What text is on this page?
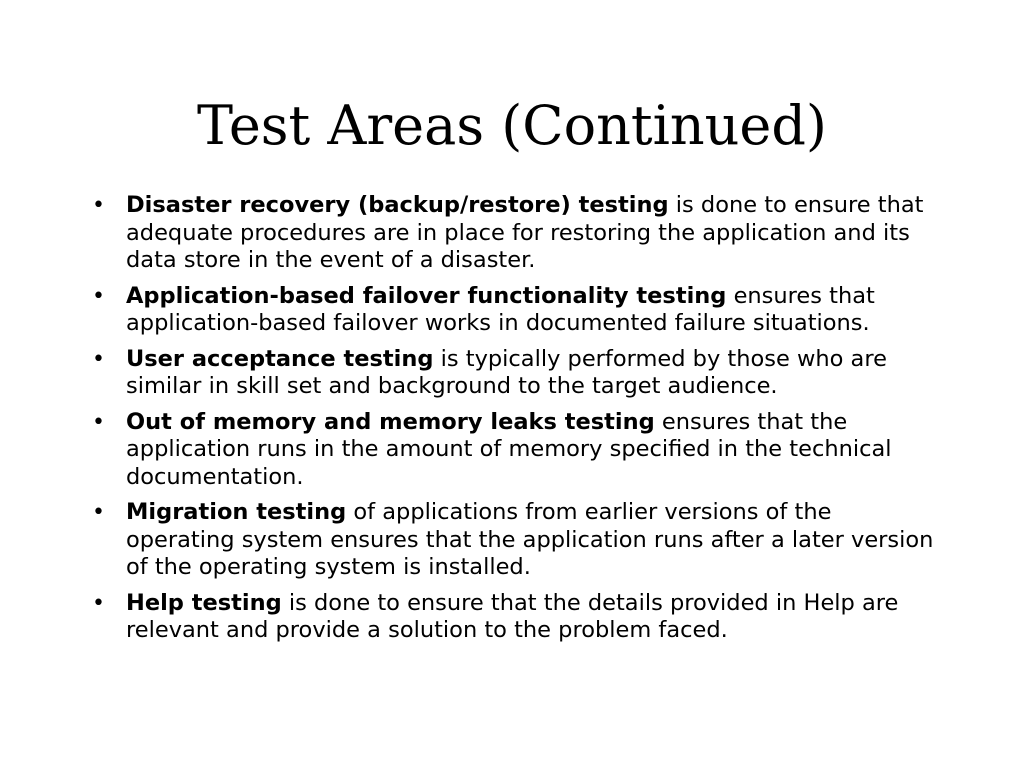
Test Areas (Continued)
• Disaster recovery (backup/restore) testing is done to ensure that adequate procedures are in place for restoring the application and its data store in the event of a disaster.
• Application-based failover functionality testing ensures that application-based failover works in documented failure situations.
• User acceptance testing is typically performed by those who are similar in skill set and background to the target audience.
• Out of memory and memory leaks testing ensures that the application runs in the amount of memory specified in the technical documentation.
• Migration testing of applications from earlier versions of the operating system ensures that the application runs after a later version of the operating system is installed.
• Help testing is done to ensure that the details provided in Help are relevant and provide a solution to the problem faced.
